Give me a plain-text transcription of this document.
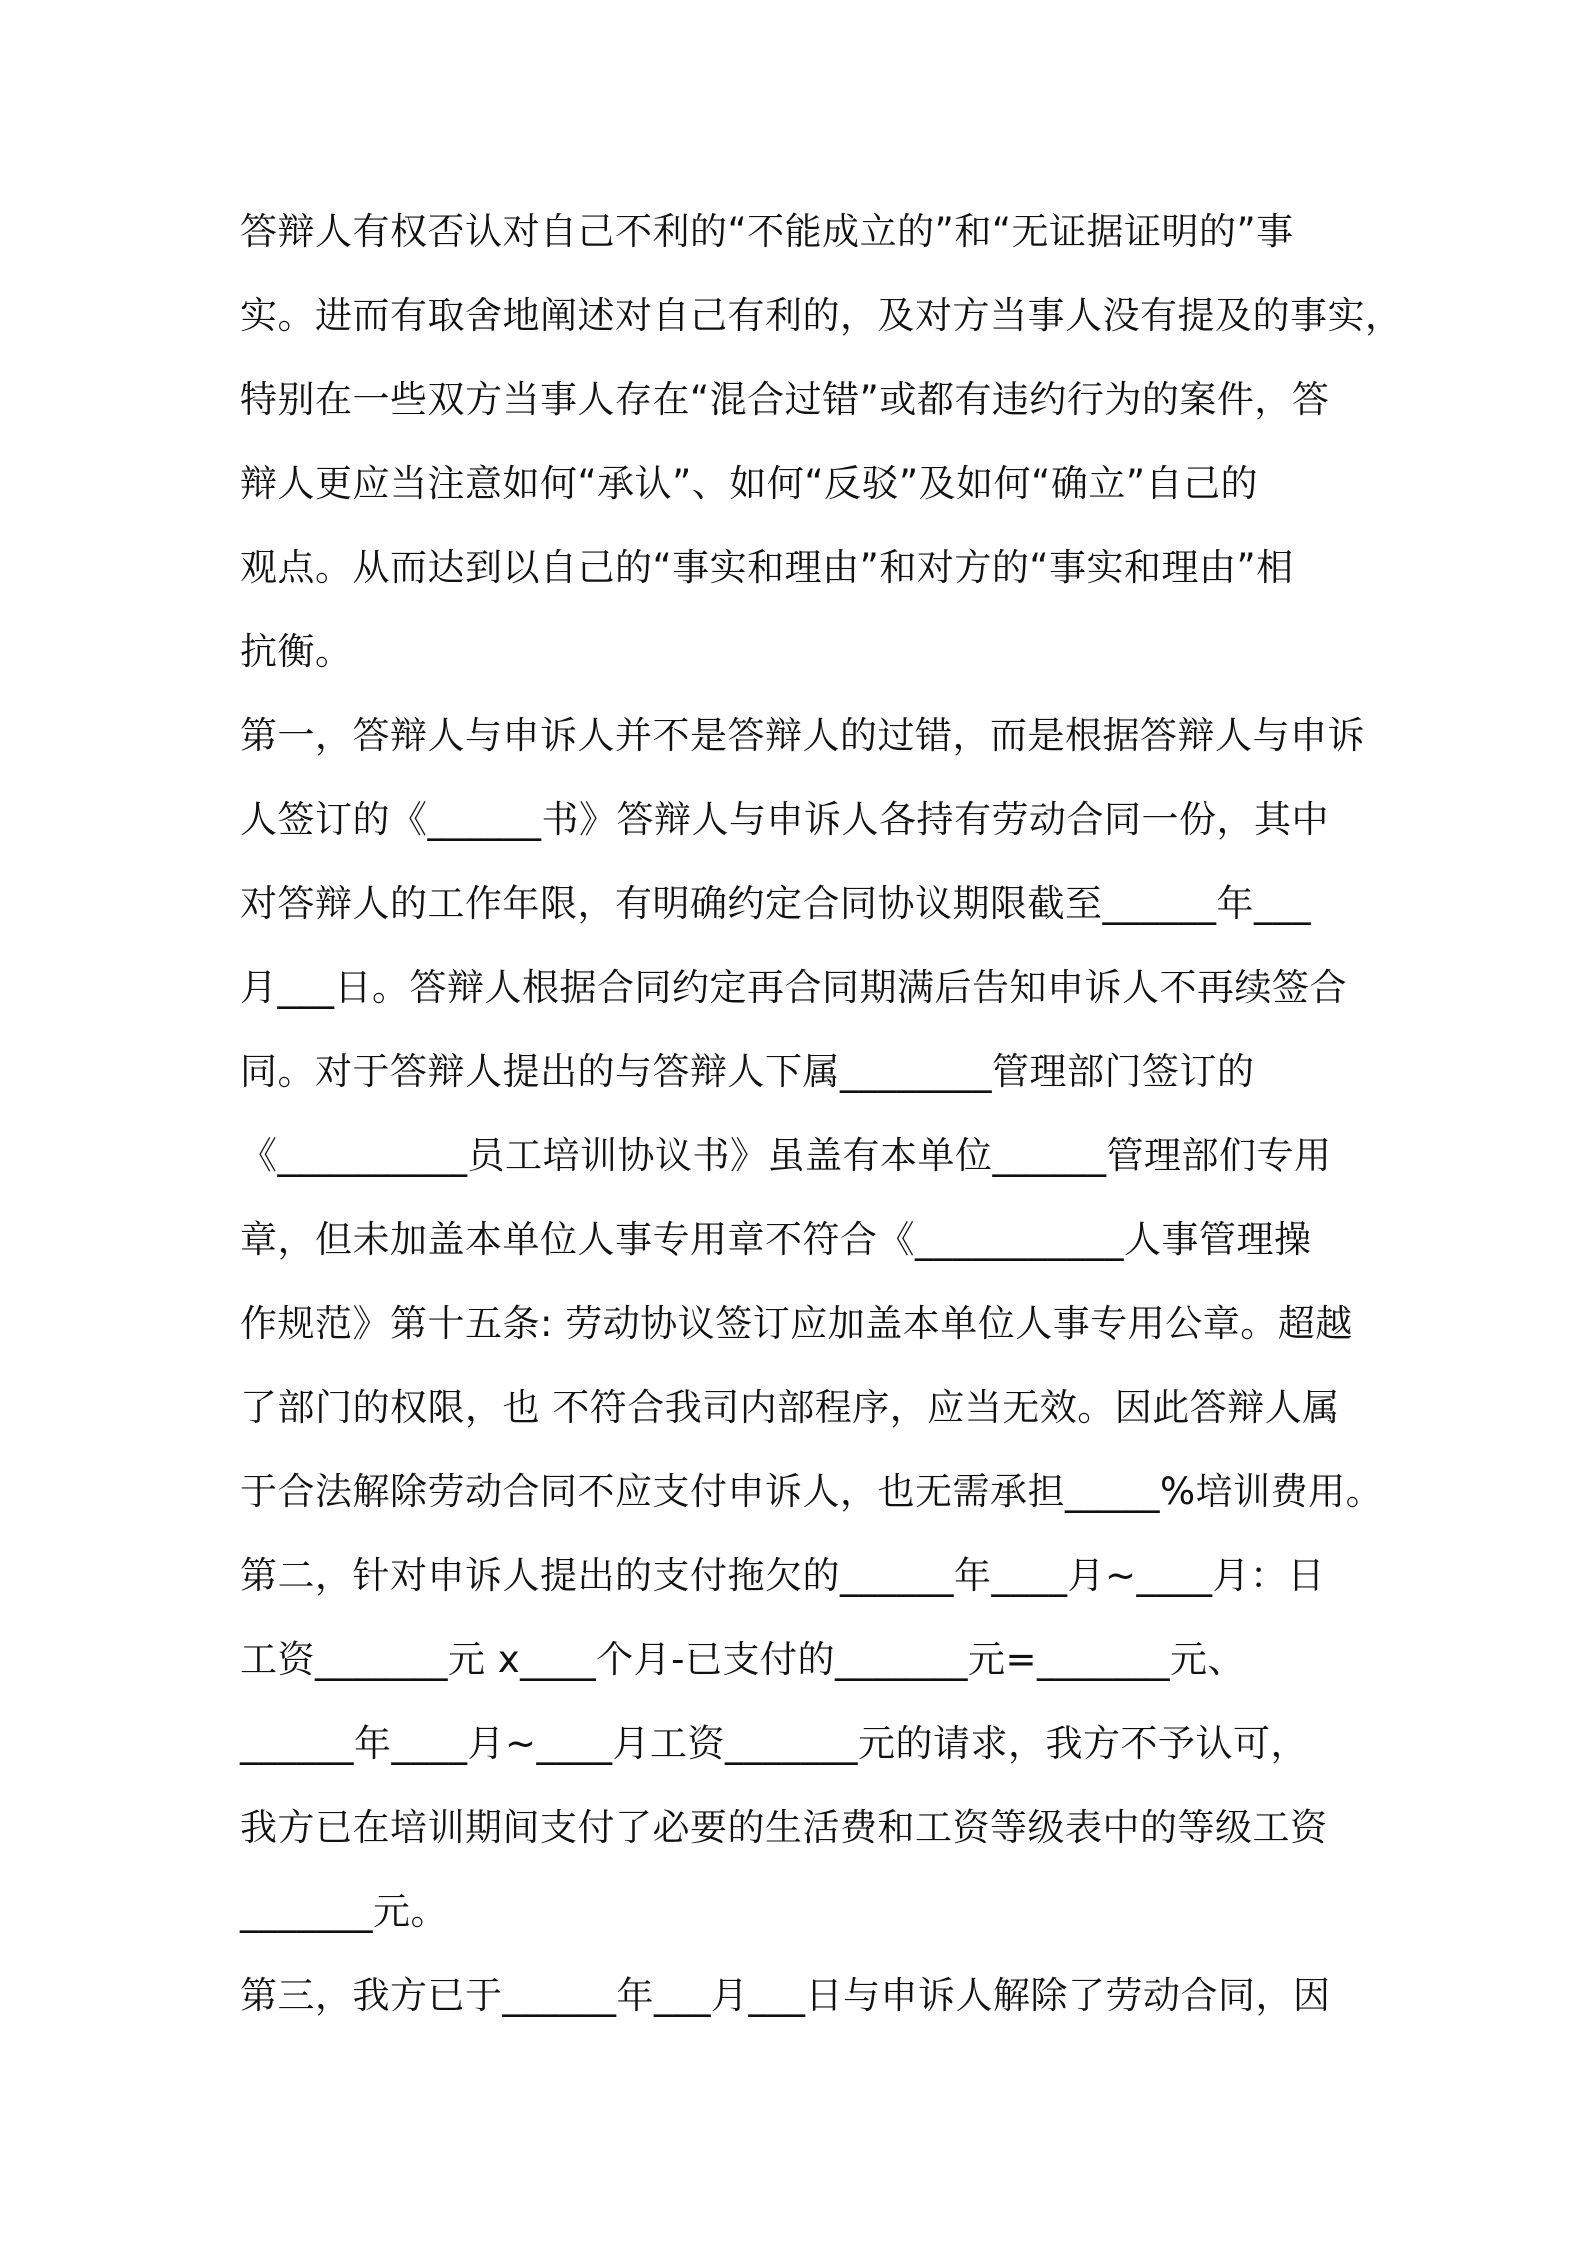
答辩人有权否认对自己不利的“不能成立的”和“无证据证明的”事
实。进而有取舍地阐述对自己有利的，及对方当事人没有提及的事实，
特别在一些双方当事人存在“混合过错”或都有违约行为的案件，答
辩人更应当注意如何“承认”、如何“反驳”及如何“确立”自己的
观点。从而达到以自己的“事实和理由”和对方的“事实和理由”相
抗衡。
第一，答辩人与申诉人并不是答辩人的过错，而是根据答辩人与申诉
人签订的《______书》答辩人与申诉人各持有劳动合同一份，其中
对答辩人的工作年限，有明确约定合同协议期限截至______年___
月___日。答辩人根据合同约定再合同期满后告知申诉人不再续签合
同。对于答辩人提出的与答辩人下属________管理部门签订的
《__________员工培训协议书》虽盖有本单位______管理部们专用
章，但未加盖本单位人事专用章不符合《___________人事管理操
作规范》第十五条: 劳动协议签订应加盖本单位人事专用公章。超越
了部门的权限，也 不符合我司内部程序，应当无效。因此答辩人属
于合法解除劳动合同不应支付申诉人，也无需承担_____%培训费用。
第二，针对申诉人提出的支付拖欠的______年____月~____月：日
工资_______元 x____个月-已支付的_______元=_______元、
______年____月~____月工资_______元的请求，我方不予认可，
我方已在培训期间支付了必要的生活费和工资等级表中的等级工资
_______元。
第三，我方已于______年___月___日与申诉人解除了劳动合同，因
